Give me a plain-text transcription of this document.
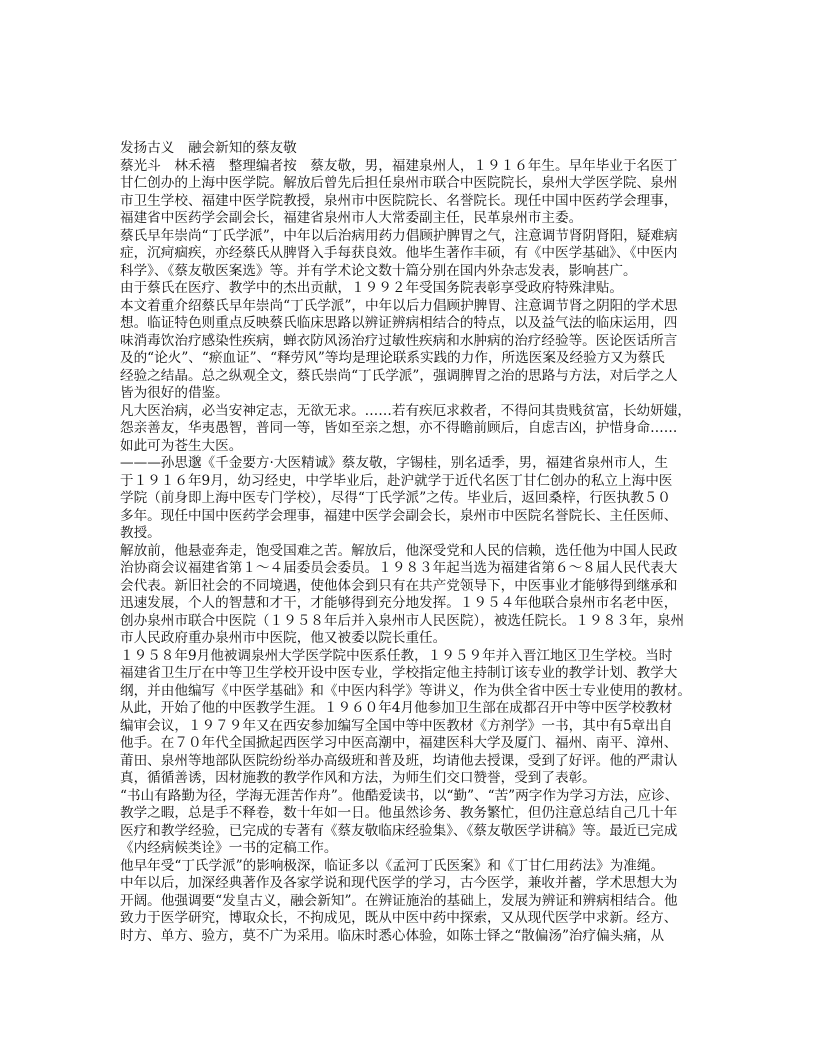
发扬古义　融会新知的蔡友敬
蔡光斗　林禾禧　整理编者按　蔡友敬，男，福建泉州人，１９１６年生。早年毕业于名医丁
甘仁创办的上海中医学院。解放后曾先后担任泉州市联合中医院院长，泉州大学医学院、泉州
市卫生学校、福建中医学院教授，泉州市中医院院长、名誉院长。现任中国中医药学会理事，
福建省中医药学会副会长，福建省泉州市人大常委副主任，民革泉州市主委。
蔡氏早年崇尚“丁氏学派”，中年以后治病用药力倡顾护脾胃之气，注意调节肾阴肾阳，疑难病
症，沉疴痼疾，亦经蔡氏从脾肾入手每获良效。他毕生著作丰硕，有《中医学基础》、《中医内
科学》、《蔡友敬医案选》等。并有学术论文数十篇分别在国内外杂志发表，影响甚广。
由于蔡氏在医疗、教学中的杰出贡献，１９９２年受国务院表彰享受政府特殊津贴。
本文着重介绍蔡氏早年崇尚“丁氏学派”，中年以后力倡顾护脾胃、注意调节肾之阴阳的学术思
想。临证特色则重点反映蔡氏临床思路以辨证辨病相结合的特点，以及益气法的临床运用，四
味消毒饮治疗感染性疾病，蝉衣防风汤治疗过敏性疾病和水肿病的治疗经验等。医论医话所言
及的“论火”、“瘀血证”、“释劳风”等均是理论联系实践的力作，所选医案及经验方又为蔡氏
经验之结晶。总之纵观全文，蔡氏崇尚“丁氏学派”，强调脾胃之治的思路与方法，对后学之人
皆为很好的借鉴。
凡大医治病，必当安神定志，无欲无求。……若有疾厄求救者，不得问其贵贱贫富，长幼妍媸，
怨亲善友，华夷愚智，普同一等，皆如至亲之想，亦不得瞻前顾后，自虑吉凶，护惜身命……
如此可为苍生大医。
———孙思邈《千金要方·大医精诚》蔡友敬，字锡桂，别名适季，男，福建省泉州市人，生
于１９１６年9月，幼习经史，中学毕业后，赴沪就学于近代名医丁甘仁创办的私立上海中医
学院（前身即上海中医专门学校），尽得“丁氏学派”之传。毕业后，返回桑梓，行医执教５０
多年。现任中国中医药学会理事，福建中医学会副会长，泉州市中医院名誉院长、主任医师、
教授。
解放前，他悬壶奔走，饱受国难之苦。解放后，他深受党和人民的信赖，选任他为中国人民政
治协商会议福建省第１～４届委员会委员。１９８３年起当选为福建省第６～８届人民代表大
会代表。新旧社会的不同境遇，使他体会到只有在共产党领导下，中医事业才能够得到继承和
迅速发展，个人的智慧和才干，才能够得到充分地发挥。１９５４年他联合泉州市名老中医，
创办泉州市联合中医院（１９５８年后并入泉州市人民医院），被选任院长。１９８３年，泉州
市人民政府重办泉州市中医院，他又被委以院长重任。
１９５８年9月他被调泉州大学医学院中医系任教，１９５９年并入晋江地区卫生学校。当时
福建省卫生厅在中等卫生学校开设中医专业，学校指定他主持制订该专业的教学计划、教学大
纲，并由他编写《中医学基础》和《中医内科学》等讲义，作为供全省中医士专业使用的教材。
从此，开始了他的中医教学生涯。１９６０年4月他参加卫生部在成都召开中等中医学校教材
编审会议，１９７９年又在西安参加编写全国中等中医教材《方剂学》一书，其中有5章出自
他手。在７０年代全国掀起西医学习中医高潮中，福建医科大学及厦门、福州、南平、漳州、
莆田、泉州等地部队医院纷纷举办高级班和普及班，均请他去授课，受到了好评。他的严肃认
真，循循善诱，因材施教的教学作风和方法，为师生们交口赞誉，受到了表彰。
“书山有路勤为径，学海无涯苦作舟”。他酷爱读书，以“勤”、“苦”两字作为学习方法，应诊、
教学之暇，总是手不释卷，数十年如一日。他虽然诊务、教务繁忙，但仍注意总结自己几十年
医疗和教学经验，已完成的专著有《蔡友敬临床经验集》、《蔡友敬医学讲稿》等。最近已完成
《内经病候类诠》一书的定稿工作。
他早年受“丁氏学派”的影响极深，临证多以《孟河丁氏医案》和《丁甘仁用药法》为准绳。
中年以后，加深经典著作及各家学说和现代医学的学习，古今医学，兼收并蓄，学术思想大为
开阔。他强调要“发皇古义，融会新知”。在辨证施治的基础上，发展为辨证和辨病相结合。他
致力于医学研究，博取众长，不拘成见，既从中医中药中探索，又从现代医学中求新。经方、
时方、单方、验方，莫不广为采用。临床时悉心体验，如陈士铎之“散偏汤”治疗偏头痛，从
